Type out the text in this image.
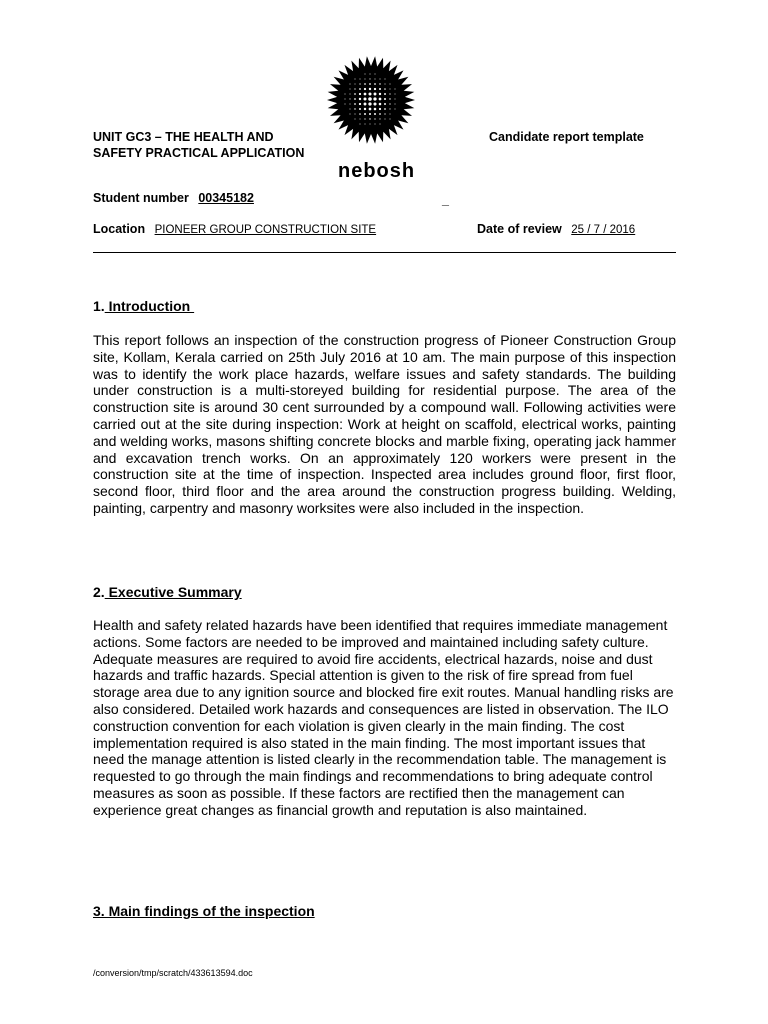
nebosh
UNIT GC3 – THE HEALTH AND
SAFETY PRACTICAL APPLICATION
Candidate report template
Student number 00345182	_
Location PIONEER GROUP CONSTRUCTION SITE	Date of review 25 / 7 / 2016
1. Introduction
This report follows an inspection of the construction progress of Pioneer Construction Group site, Kollam, Kerala carried on 25th July 2016 at 10 am. The main purpose of this inspection was to identify the work place hazards, welfare issues and safety standards. The building under construction is a multi-storeyed building for residential purpose. The area of the construction site is around 30 cent surrounded by a compound wall. Following activities were carried out at the site during inspection: Work at height on scaffold, electrical works, painting and welding works, masons shifting concrete blocks and marble fixing, operating jack hammer and excavation trench works. On an approximately 120 workers were present in the construction site at the time of inspection. Inspected area includes ground floor, first floor, second floor, third floor and the area around the construction progress building. Welding, painting, carpentry and masonry worksites were also included in the inspection.
2. Executive Summary
Health and safety related hazards have been identified that requires immediate management actions. Some factors are needed to be improved and maintained including safety culture. Adequate measures are required to avoid fire accidents, electrical hazards, noise and dust hazards and traffic hazards. Special attention is given to the risk of fire spread from fuel storage area due to any ignition source and blocked fire exit routes. Manual handling risks are also considered. Detailed work hazards and consequences are listed in observation. The ILO construction convention for each violation is given clearly in the main finding. The cost implementation required is also stated in the main finding. The most important issues that need the manage attention is listed clearly in the recommendation table. The management is requested to go through the main findings and recommendations to bring adequate control measures as soon as possible. If these factors are rectified then the management can experience great changes as financial growth and reputation is also maintained.
3. Main findings of the inspection
/conversion/tmp/scratch/433613594.doc
